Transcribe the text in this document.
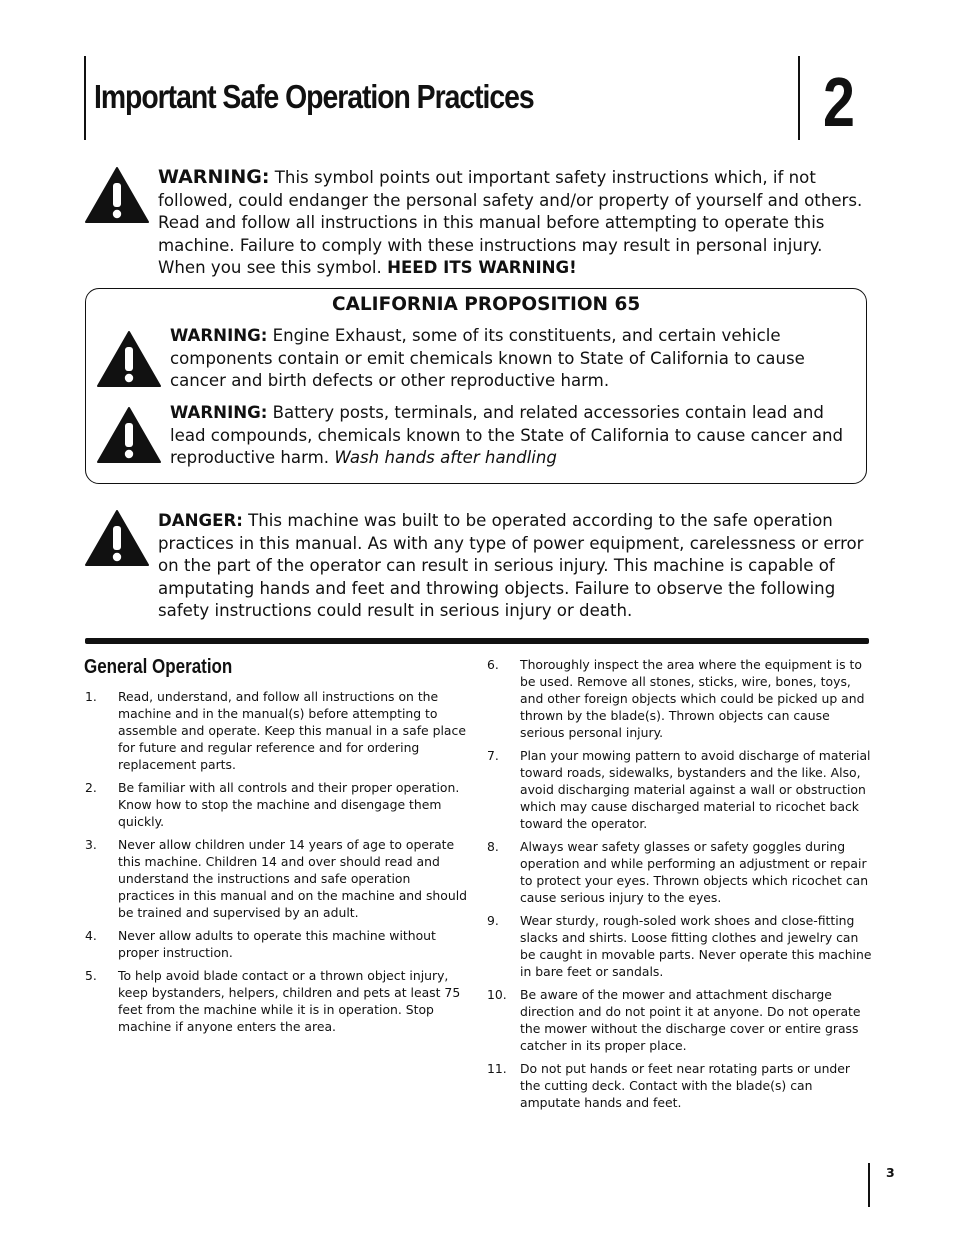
Important Safe Operation Practices	2
WARNING: This symbol points out important safety instructions which, if not followed, could endanger the personal safety and/or property of yourself and others. Read and follow all instructions in this manual before attempting to operate this machine. Failure to comply with these instructions may result in personal injury.
When you see this symbol. HEED ITS WARNING!
CALIFORNIA PROPOSITION 65
WARNING: Engine Exhaust, some of its constituents, and certain vehicle components contain or emit chemicals known to State of California to cause cancer and birth defects or other reproductive harm.
WARNING: Battery posts, terminals, and related accessories contain lead and lead compounds, chemicals known to the State of California to cause cancer and reproductive harm. Wash hands after handling
DANGER: This machine was built to be operated according to the safe operation practices in this manual. As with any type of power equipment, carelessness or error on the part of the operator can result in serious injury. This machine is capable of amputating hands and feet and throwing objects. Failure to observe the following safety instructions could result in serious injury or death.
General Operation
1. Read, understand, and follow all instructions on the machine and in the manual(s) before attempting to assemble and operate. Keep this manual in a safe place for future and regular reference and for ordering replacement parts.
2. Be familiar with all controls and their proper operation. Know how to stop the machine and disengage them quickly.
3. Never allow children under 14 years of age to operate this machine. Children 14 and over should read and understand the instructions and safe operation practices in this manual and on the machine and should be trained and supervised by an adult.
4. Never allow adults to operate this machine without proper instruction.
5. To help avoid blade contact or a thrown object injury, keep bystanders, helpers, children and pets at least 75 feet from the machine while it is in operation. Stop machine if anyone enters the area.
6. Thoroughly inspect the area where the equipment is to be used. Remove all stones, sticks, wire, bones, toys, and other foreign objects which could be picked up and thrown by the blade(s). Thrown objects can cause serious personal injury.
7. Plan your mowing pattern to avoid discharge of material toward roads, sidewalks, bystanders and the like. Also, avoid discharging material against a wall or obstruction which may cause discharged material to ricochet back toward the operator.
8. Always wear safety glasses or safety goggles during operation and while performing an adjustment or repair to protect your eyes. Thrown objects which ricochet can cause serious injury to the eyes.
9. Wear sturdy, rough-soled work shoes and close-fitting slacks and shirts. Loose fitting clothes and jewelry can be caught in movable parts. Never operate this machine in bare feet or sandals.
10. Be aware of the mower and attachment discharge direction and do not point it at anyone. Do not operate the mower without the discharge cover or entire grass catcher in its proper place.
11. Do not put hands or feet near rotating parts or under the cutting deck. Contact with the blade(s) can amputate hands and feet.
3
